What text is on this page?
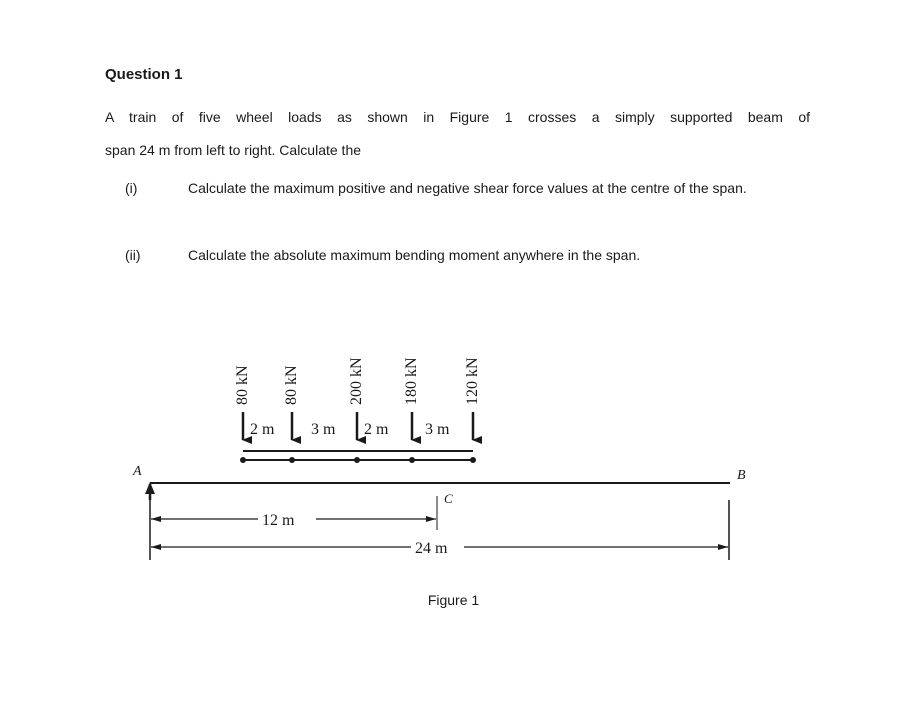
Question 1
A train of five wheel loads as shown in Figure 1 crosses a simply supported beam of
span 24 m from left to right. Calculate the
(i)	Calculate the maximum positive and negative shear force values at the centre of the span.
(ii)	Calculate the absolute maximum bending moment anywhere in the span.
80 kN 80 kN	200 kN 180 kN	120 kN
2 m 3 m 2 m 3 m
A	B
C
12 m
24 m
Figure 1
